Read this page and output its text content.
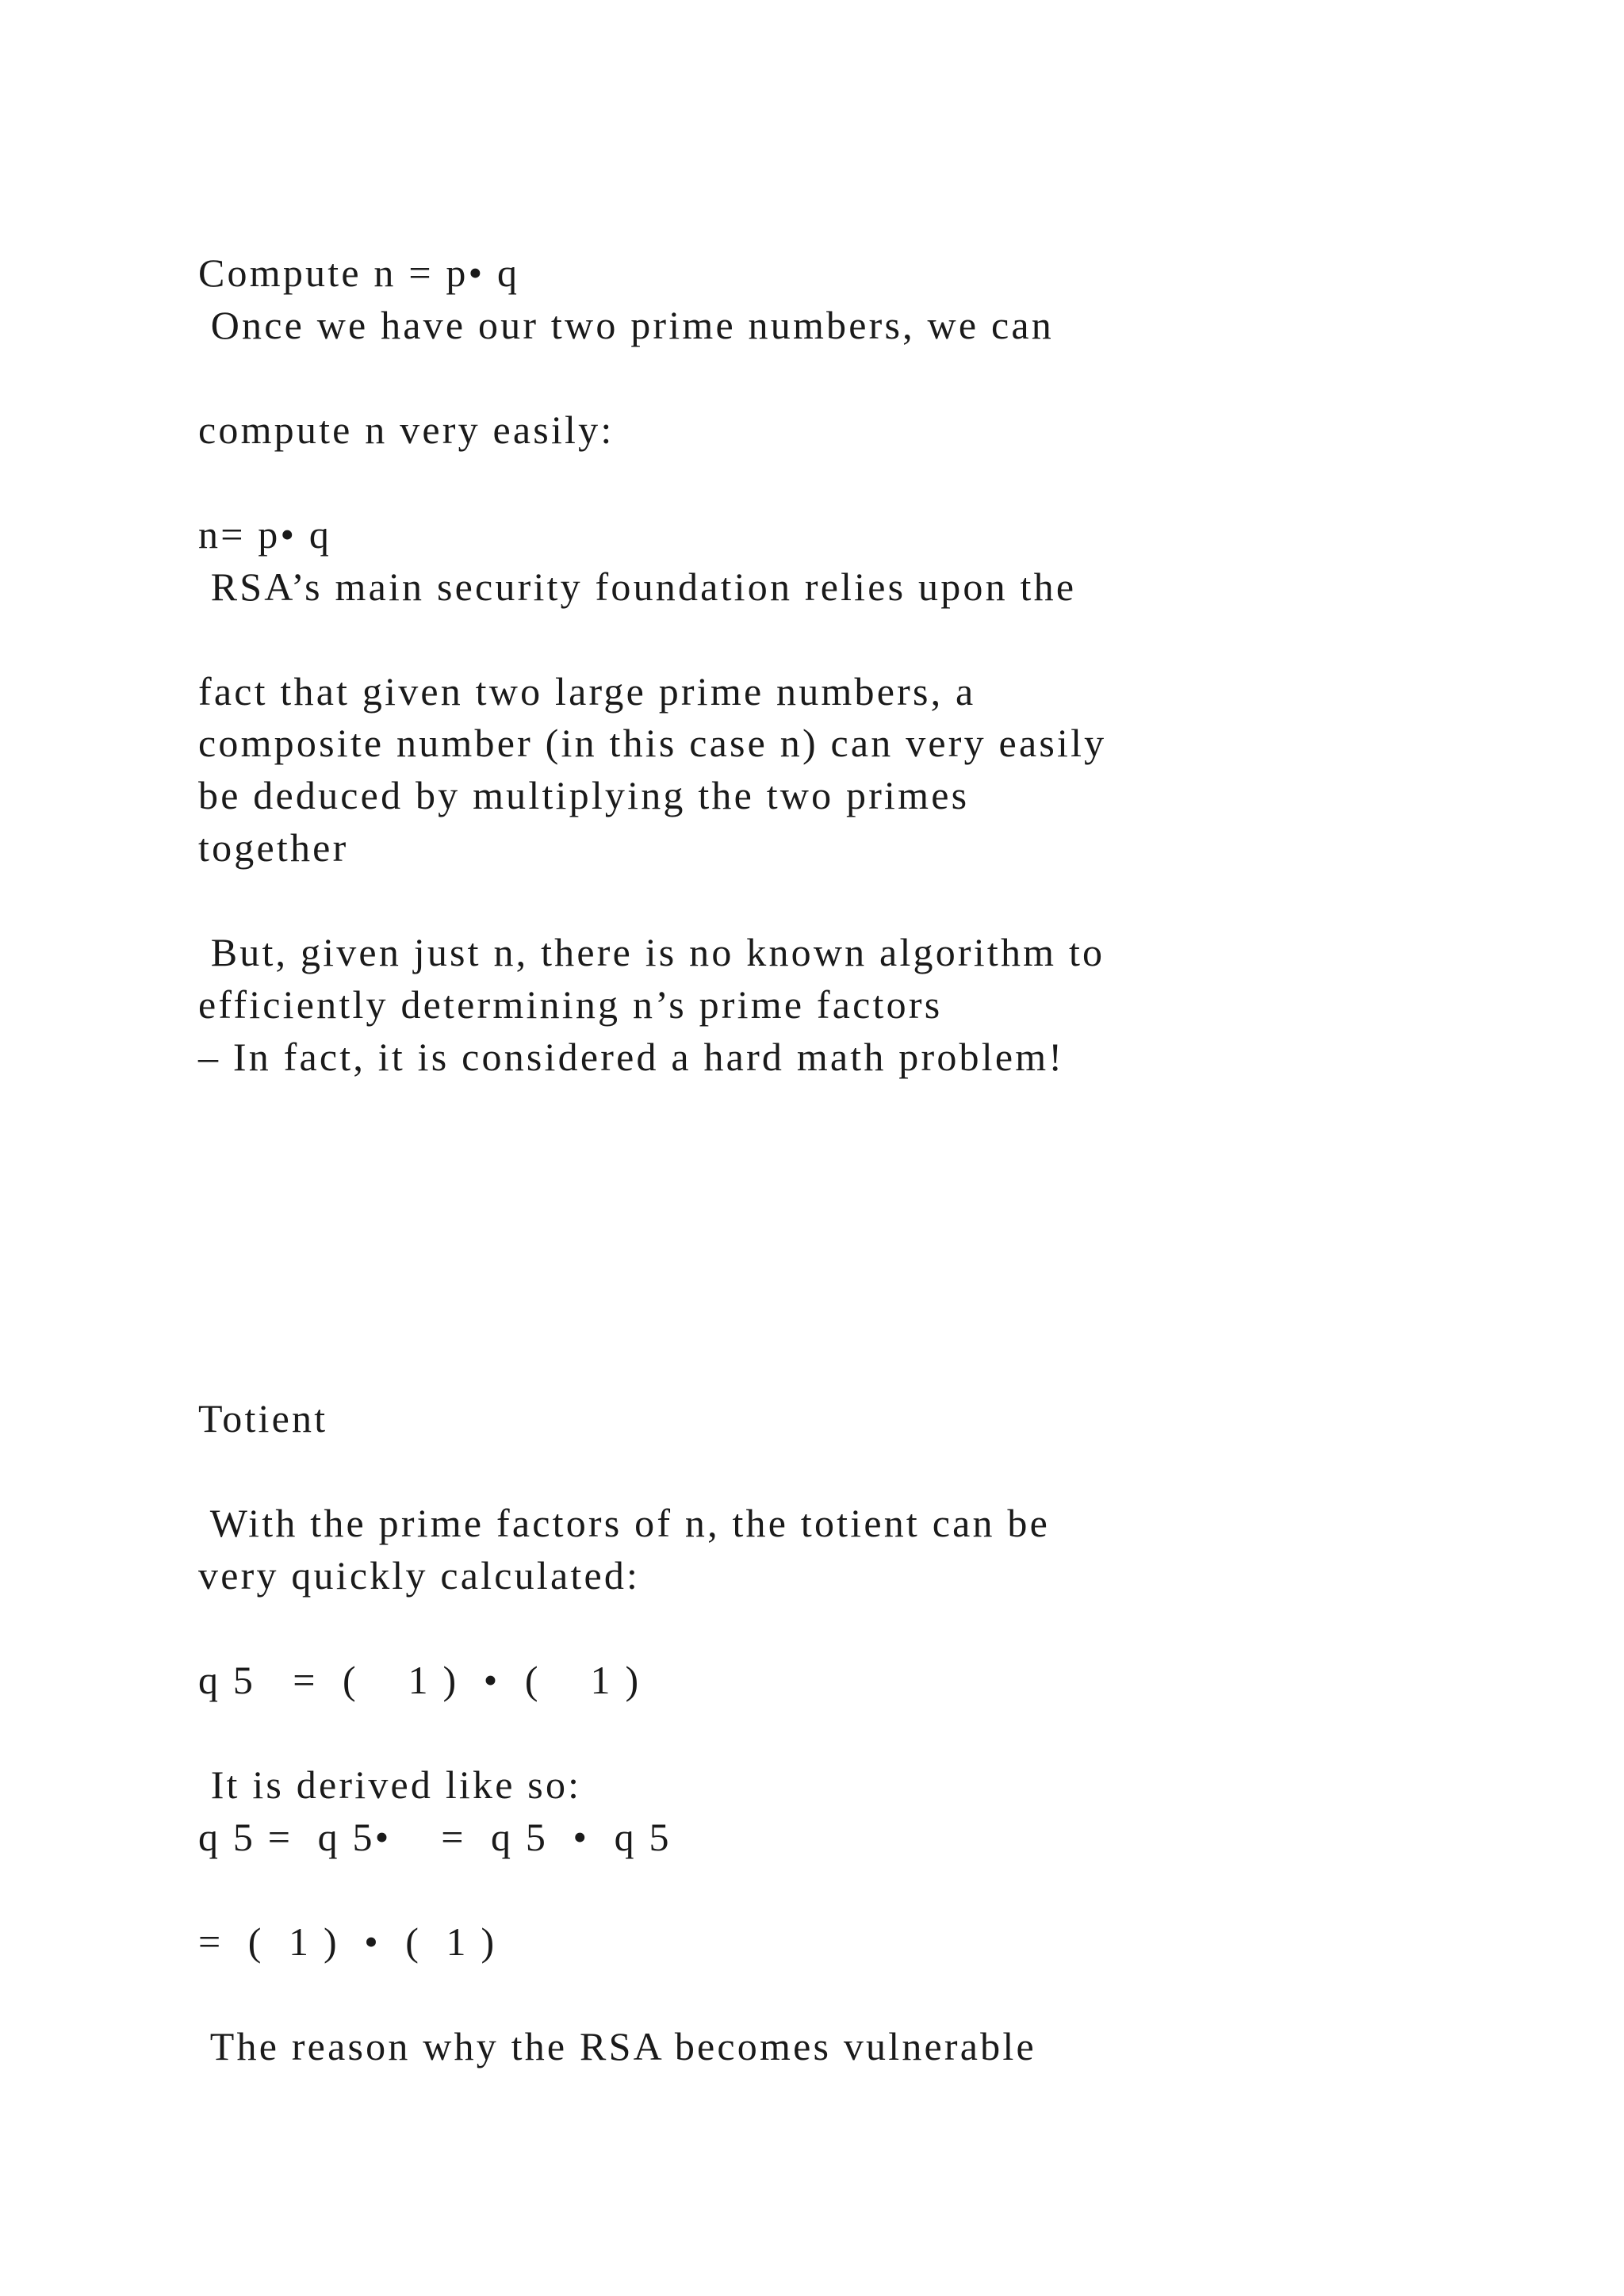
Compute n = p• q
Once we have our two prime numbers, we can
compute n very easily:
n= p• q
RSA’s main security foundation relies upon the
fact that given two large prime numbers, a
composite number (in this case n) can very easily
be deduced by multiplying the two primes
together
But, given just n, there is no known algorithm to
efficiently determining n’s prime factors
– In fact, it is considered a hard math problem!
Totient
With the prime factors of n, the totient can be
very quickly calculated:
q 5   =  (    1 )  •  (    1 )
It is derived like so:
q 5 =  q 5•    =  q 5  •  q 5
=  (  1 )  •  (  1 )
The reason why the RSA becomes vulnerable
